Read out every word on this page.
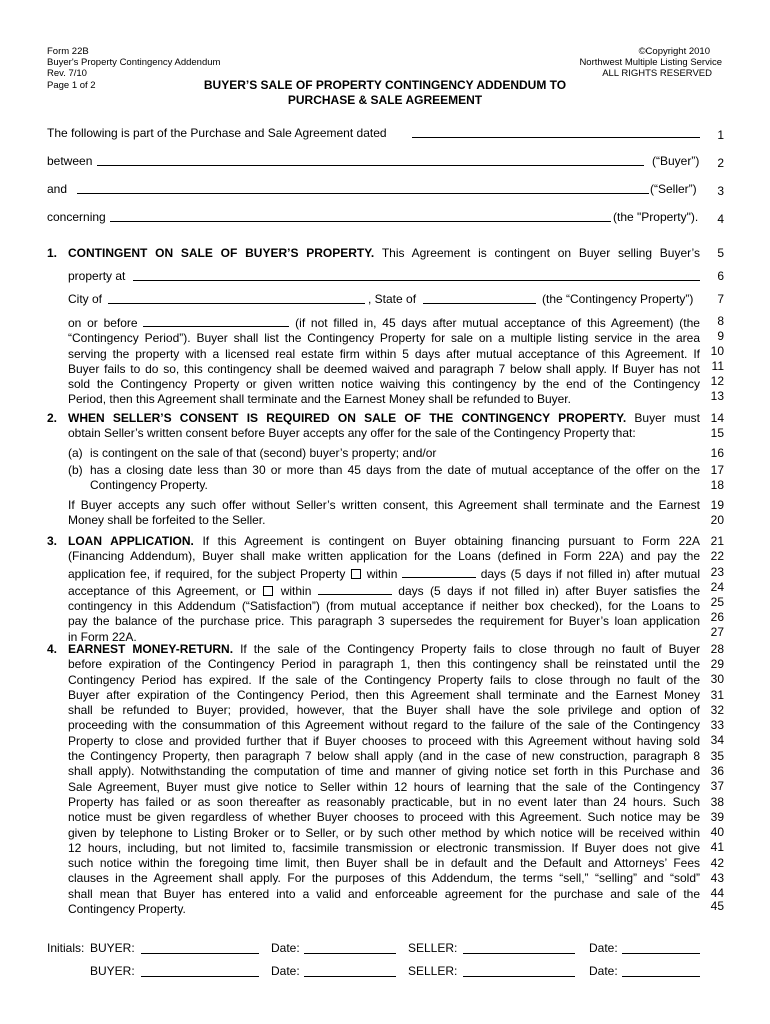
Form 22B
Buyer's Property Contingency Addendum
Rev. 7/10
Page 1 of 2
©Copyright 2010
Northwest Multiple Listing Service
ALL RIGHTS RESERVED
BUYER’S SALE OF PROPERTY CONTINGENCY ADDENDUM TO
PURCHASE & SALE AGREEMENT
The following is part of the Purchase and Sale Agreement dated
between	(“Buyer”)
and	(“Seller”)
concerning	(the "Property").
1. CONTINGENT ON SALE OF BUYER’S PROPERTY. This Agreement is contingent on Buyer selling Buyer’s
property at
City of	, State of	(the “Contingency Property”)
on or before	(if not filled in, 45 days after mutual acceptance of this Agreement) (the
“Contingency Period”). Buyer shall list the Contingency Property for sale on a multiple listing service in the area
serving the property with a licensed real estate firm within 5 days after mutual acceptance of this Agreement. If
Buyer fails to do so, this contingency shall be deemed waived and paragraph 7 below shall apply. If Buyer has not
sold the Contingency Property or given written notice waiving this contingency by the end of the Contingency
Period, then this Agreement shall terminate and the Earnest Money shall be refunded to Buyer.
2. WHEN SELLER’S CONSENT IS REQUIRED ON SALE OF THE CONTINGENCY PROPERTY. Buyer must
obtain Seller’s written consent before Buyer accepts any offer for the sale of the Contingency Property that:
(a) is contingent on the sale of that (second) buyer’s property; and/or
(b) has a closing date less than 30 or more than 45 days from the date of mutual acceptance of the offer on the
Contingency Property.
If Buyer accepts any such offer without Seller’s written consent, this Agreement shall terminate and the Earnest
Money shall be forfeited to the Seller.
3. LOAN APPLICATION. If this Agreement is contingent on Buyer obtaining financing pursuant to Form 22A
(Financing Addendum), Buyer shall make written application for the Loans (defined in Form 22A) and pay the
application fee, if required, for the subject Property within	days (5 days if not filled in) after mutual
acceptance of this Agreement, or within	days (5 days if not filled in) after Buyer satisfies the
contingency in this Addendum (“Satisfaction”) (from mutual acceptance if neither box checked), for the Loans to
pay the balance of the purchase price. This paragraph 3 supersedes the requirement for Buyer’s loan application
in Form 22A.
4. EARNEST MONEY-RETURN. If the sale of the Contingency Property fails to close through no fault of Buyer
before expiration of the Contingency Period in paragraph 1, then this contingency shall be reinstated until the
Contingency Period has expired. If the sale of the Contingency Property fails to close through no fault of the
Buyer after expiration of the Contingency Period, then this Agreement shall terminate and the Earnest Money
shall be refunded to Buyer; provided, however, that the Buyer shall have the sole privilege and option of
proceeding with the consummation of this Agreement without regard to the failure of the sale of the Contingency
Property to close and provided further that if Buyer chooses to proceed with this Agreement without having sold
the Contingency Property, then paragraph 7 below shall apply (and in the case of new construction, paragraph 8
shall apply). Notwithstanding the computation of time and manner of giving notice set forth in this Purchase and
Sale Agreement, Buyer must give notice to Seller within 12 hours of learning that the sale of the Contingency
Property has failed or as soon thereafter as reasonably practicable, but in no event later than 24 hours. Such
notice must be given regardless of whether Buyer chooses to proceed with this Agreement. Such notice may be
given by telephone to Listing Broker or to Seller, or by such other method by which notice will be received within
12 hours, including, but not limited to, facsimile transmission or electronic transmission. If Buyer does not give
such notice within the foregoing time limit, then Buyer shall be in default and the Default and Attorneys’ Fees
clauses in the Agreement shall apply. For the purposes of this Addendum, the terms “sell,” “selling” and “sold”
shall mean that Buyer has entered into a valid and enforceable agreement for the purchase and sale of the
Contingency Property.
1
2
3
4
5
6
7
8
9
10
11
12
13
14
15
16
17
18
19
20
21
22
23
24
25
26
27
28
29
30
31
32
33
34
35
36
37
38
39
40
41
42
43
44
45
Initials: BUYER:	Date:	SELLER:	Date:
BUYER:	Date:	SELLER:	Date:
